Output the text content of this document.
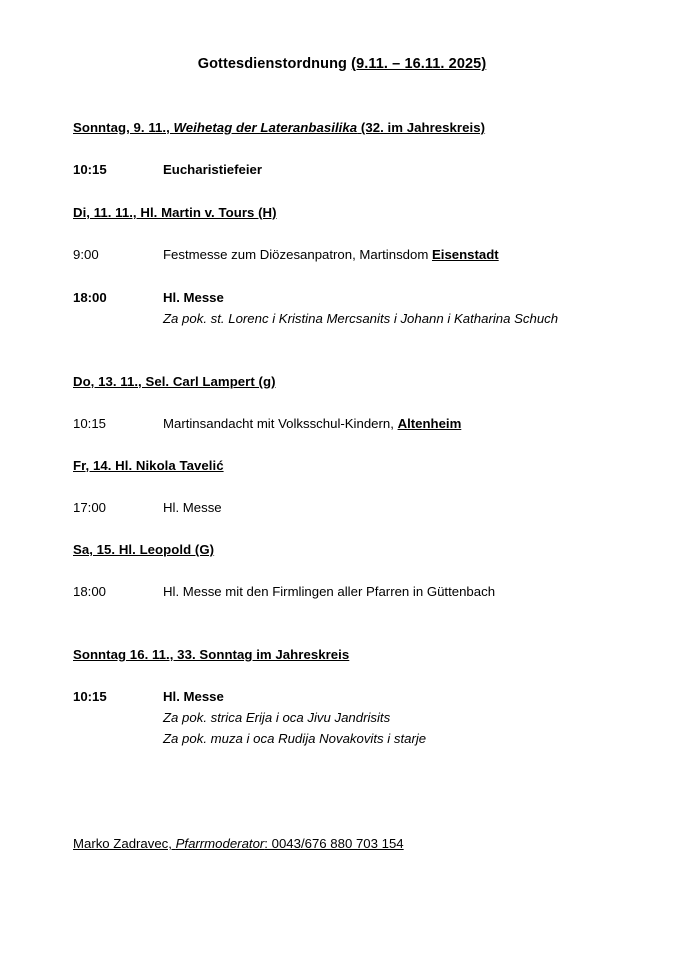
Gottesdienstordnung (9.11. – 16.11. 2025)
Sonntag, 9. 11., Weihetag der Lateranbasilika (32. im Jahreskreis)
10:15	Eucharistiefeier
Di, 11. 11., Hl. Martin v. Tours (H)
9:00	Festmesse zum Diözesanpatron, Martinsdom Eisenstadt
18:00	Hl. Messe
Za pok. st. Lorenc i Kristina Mercsanits i Johann i Katharina Schuch
Do, 13. 11., Sel. Carl Lampert (g)
10:15	Martinsandacht mit Volksschul-Kindern, Altenheim
Fr, 14. Hl. Nikola Tavelić
17:00	Hl. Messe
Sa, 15. Hl. Leopold (G)
18:00	Hl. Messe mit den Firmlingen aller Pfarren in Güttenbach
Sonntag 16. 11., 33. Sonntag im Jahreskreis
10:15	Hl. Messe
Za pok. strica Erija i oca Jivu Jandrisits
Za pok. muza i oca Rudija Novakovits i starje
Marko Zadravec, Pfarrmoderator: 0043/676 880 703 154
